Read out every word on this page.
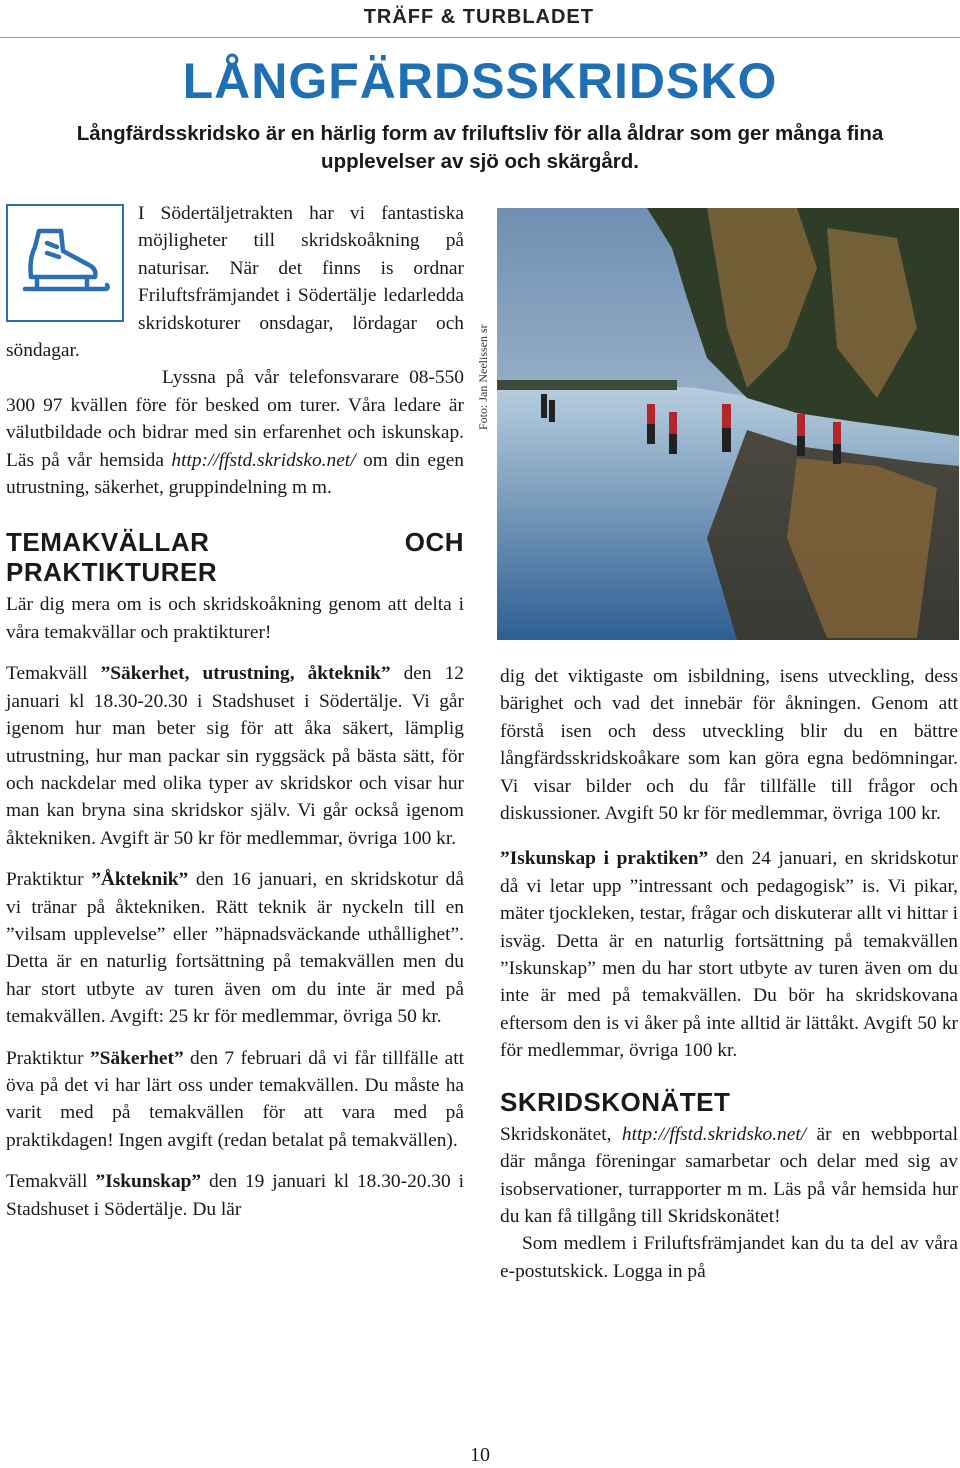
TRÄFF & TURBLADET
LÅNGFÄRDSSKRIDSKO
Långfärdsskridsko är en härlig form av friluftsliv för alla åldrar som ger många fina upplevelser av sjö och skärgård.

I Södertäljetrakten har vi fantastiska möjligheter till skridskoåkning på naturisar. När det finns is ordnar Friluftsfrämjandet i Södertälje ledarledda skridskoturer onsdagar, lördagar och söndagar.

Lyssna på vår telefonsvarare 08-550 300 97 kvällen före för besked om turer. Våra ledare är välutbildade och bidrar med sin erfarenhet och iskunskap. Läs på vår hemsida http://ffstd.skridsko.net/ om din egen utrustning, säkerhet, gruppindelning m m.

TEMAKVÄLLAR OCH PRAKTIKTURER

Lär dig mera om is och skridskoåkning genom att delta i våra temakvällar och praktikturer!

Temakväll ”Säkerhet, utrustning, åkteknik” den 12 januari kl 18.30-20.30 i Stadshuset i Södertälje. Vi går igenom hur man beter sig för att åka säkert, lämplig utrustning, hur man packar sin ryggsäck på bästa sätt, för och nackdelar med olika typer av skridskor och visar hur man kan bryna sina skridskor själv. Vi går också igenom åktekniken. Avgift är 50 kr för medlemmar, övriga 100 kr.

Praktiktur ”Åkteknik” den 16 januari, en skridskotur då vi tränar på åktekniken. Rätt teknik är nyckeln till en ”vilsam upplevelse” eller ”häpnadsväckande uthållighet”. Detta är en naturlig fortsättning på temakvällen men du har stort utbyte av turen även om du inte är med på temakvällen. Avgift: 25 kr för medlemmar, övriga 50 kr.

Praktiktur ”Säkerhet” den 7 februari då vi får tillfälle att öva på det vi har lärt oss under temakvällen. Du måste ha varit med på temakvällen för att vara med på praktikdagen! Ingen avgift (redan betalat på temakvällen).

Temakväll ”Iskunskap” den 19 januari kl 18.30-20.30 i Stadshuset i Södertälje. Du lär

Foto: Jan Neelissen sr

dig det viktigaste om isbildning, isens utveckling, dess bärighet och vad det innebär för åkningen. Genom att förstå isen och dess utveckling blir du en bättre långfärdsskridskoåkare som kan göra egna bedömningar. Vi visar bilder och du får tillfälle till frågor och diskussioner. Avgift 50 kr för medlemmar, övriga 100 kr.

”Iskunskap i praktiken” den 24 januari, en skridskotur då vi letar upp ”intressant och pedagogisk” is. Vi pikar, mäter tjockleken, testar, frågar och diskuterar allt vi hittar i isväg. Detta är en naturlig fortsättning på temakvällen ”Iskunskap” men du har stort utbyte av turen även om du inte är med på temakvällen. Du bör ha skridskovana eftersom den is vi åker på inte alltid är lättåkt. Avgift 50 kr för medlemmar, övriga 100 kr.

SKRIDSKONÄTET

Skridskonätet, http://ffstd.skridsko.net/ är en webbportal där många föreningar samarbetar och delar med sig av isobservationer, turrapporter m m. Läs på vår hemsida hur du kan få tillgång till Skridskonätet!

Som medlem i Friluftsfrämjandet kan du ta del av våra e-postutskick. Logga in på

10
